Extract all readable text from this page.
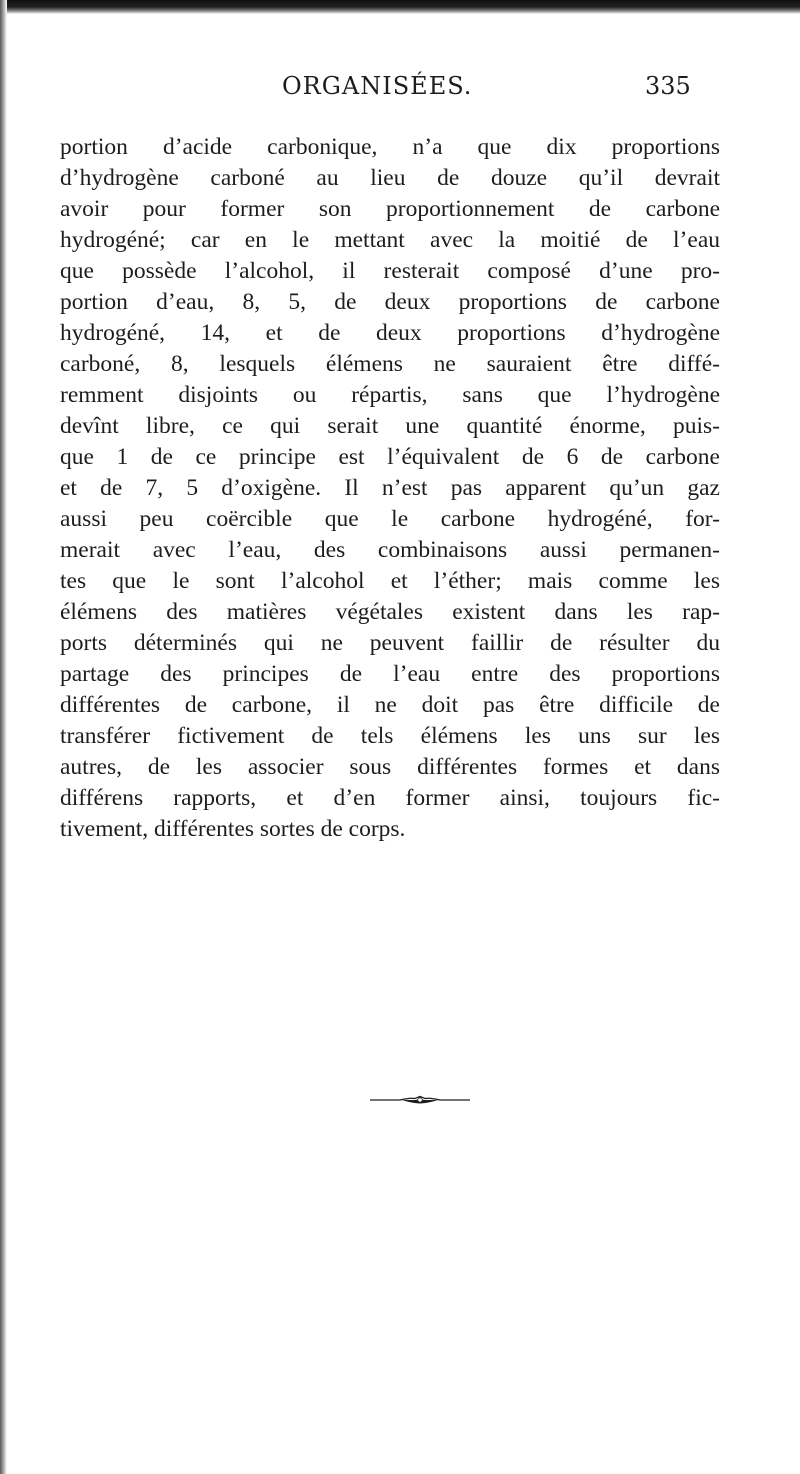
ORGANISÉES.	335
portion d’acide carbonique, n’a que dix proportions
d’hydrogène carboné au lieu de douze qu’il devrait
avoir pour former son proportionnement de carbone
hydrogéné; car en le mettant avec la moitié de l’eau
que possède l’alcohol, il resterait composé d’une pro-
portion d’eau, 8, 5, de deux proportions de carbone
hydrogéné, 14, et de deux proportions d’hydrogène
carboné, 8, lesquels élémens ne sauraient être diffé-
remment disjoints ou répartis, sans que l’hydrogène
devînt libre, ce qui serait une quantité énorme, puis-
que 1 de ce principe est l’équivalent de 6 de carbone
et de 7, 5 d’oxigène. Il n’est pas apparent qu’un gaz
aussi peu coërcible que le carbone hydrogéné, for-
merait avec l’eau, des combinaisons aussi permanen-
tes que le sont l’alcohol et l’éther; mais comme les
élémens des matières végétales existent dans les rap-
ports déterminés qui ne peuvent faillir de résulter du
partage des principes de l’eau entre des proportions
différentes de carbone, il ne doit pas être difficile de
transférer fictivement de tels élémens les uns sur les
autres, de les associer sous différentes formes et dans
différens rapports, et d’en former ainsi, toujours fic-
tivement, différentes sortes de corps.
